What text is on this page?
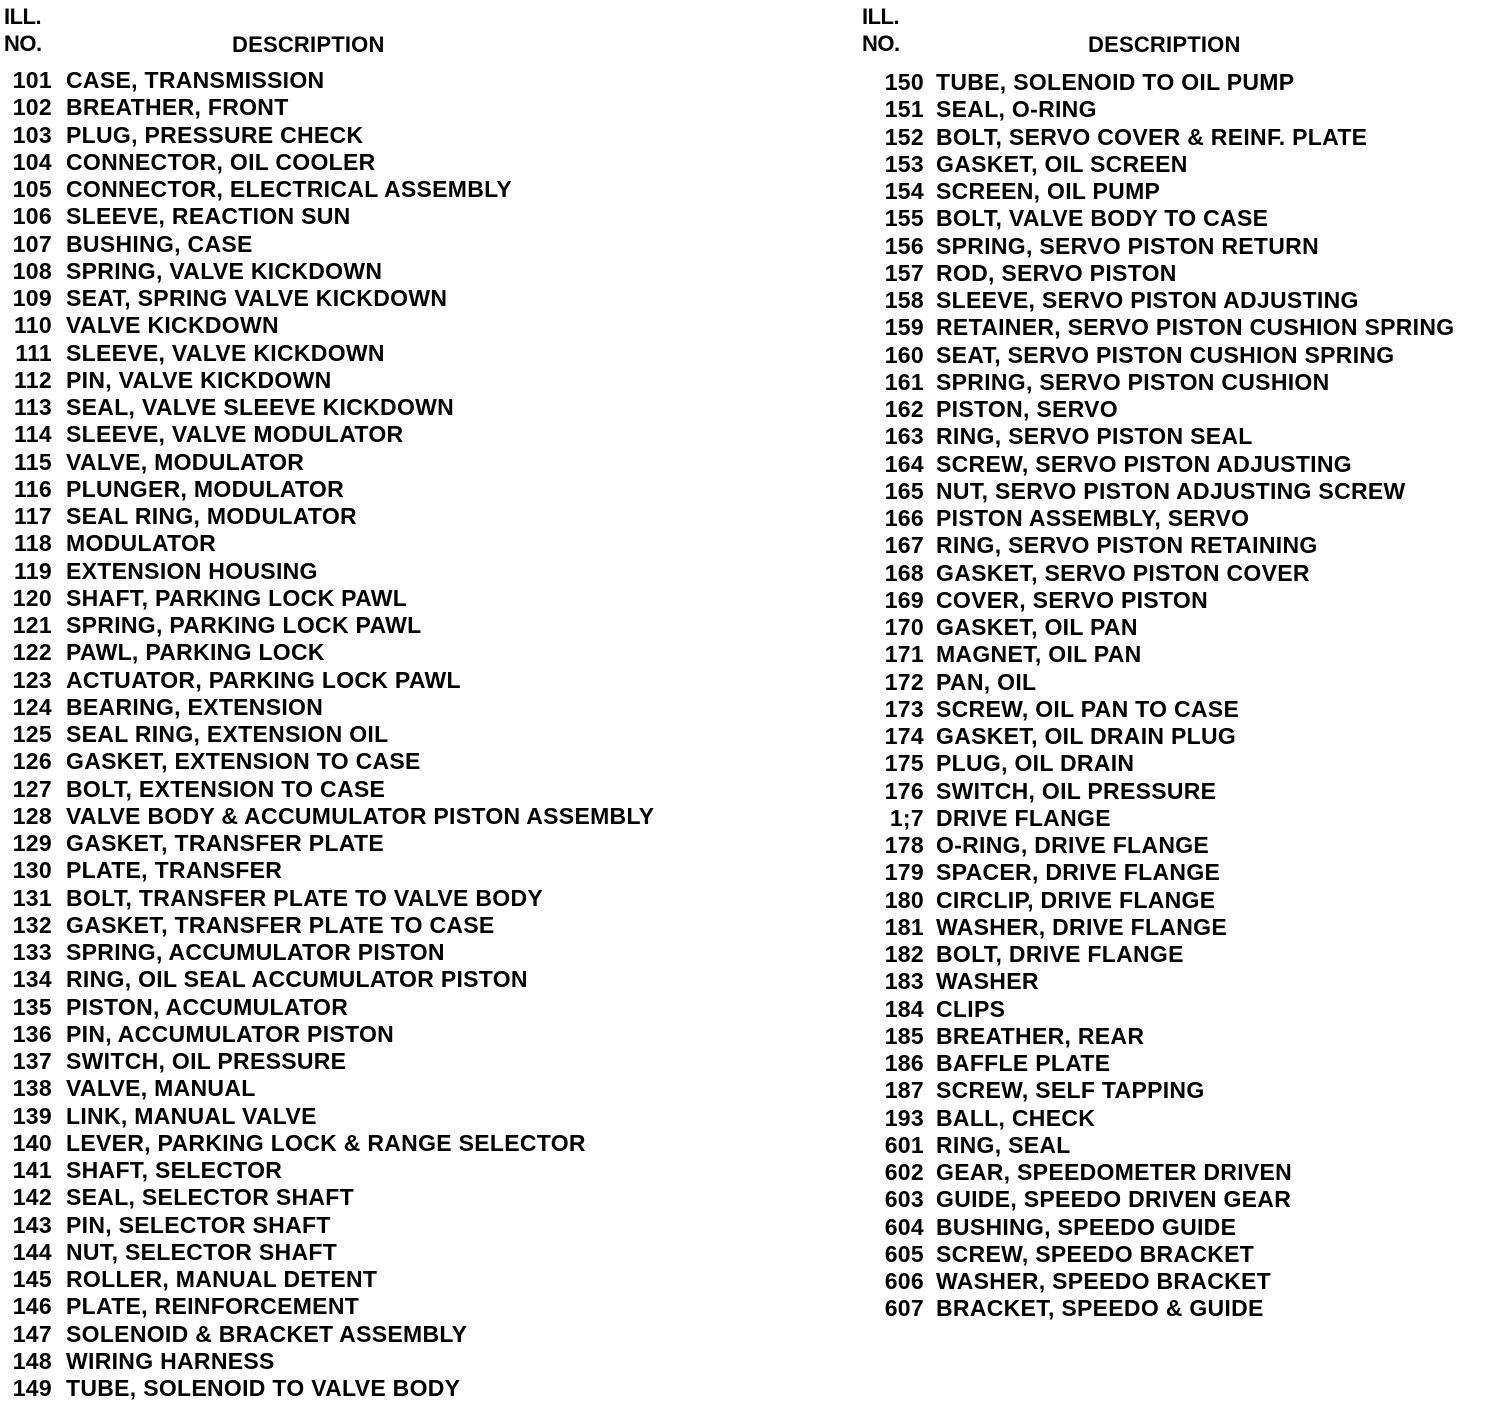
ILL.
NO.	DESCRIPTION
101 CASE, TRANSMISSION
102 BREATHER, FRONT
103 PLUG, PRESSURE CHECK
104 CONNECTOR, OIL COOLER
105 CONNECTOR, ELECTRICAL ASSEMBLY
106 SLEEVE, REACTION SUN
107 BUSHING, CASE
108 SPRING, VALVE KICKDOWN
109 SEAT, SPRING VALVE KICKDOWN
110 VALVE KICKDOWN
111 SLEEVE, VALVE KICKDOWN
112 PIN, VALVE KICKDOWN
113 SEAL, VALVE SLEEVE KICKDOWN
114 SLEEVE, VALVE MODULATOR
115 VALVE, MODULATOR
116 PLUNGER, MODULATOR
117 SEAL RING, MODULATOR
118 MODULATOR
119 EXTENSION HOUSING
120 SHAFT, PARKING LOCK PAWL
121 SPRING, PARKING LOCK PAWL
122 PAWL, PARKING LOCK
123 ACTUATOR, PARKING LOCK PAWL
124 BEARING, EXTENSION
125 SEAL RING, EXTENSION OIL
126 GASKET, EXTENSION TO CASE
127 BOLT, EXTENSION TO CASE
128 VALVE BODY & ACCUMULATOR PISTON ASSEMBLY
129 GASKET, TRANSFER PLATE
130 PLATE, TRANSFER
131 BOLT, TRANSFER PLATE TO VALVE BODY
132 GASKET, TRANSFER PLATE TO CASE
133 SPRING, ACCUMULATOR PISTON
134 RING, OIL SEAL ACCUMULATOR PISTON
135 PISTON, ACCUMULATOR
136 PIN, ACCUMULATOR PISTON
137 SWITCH, OIL PRESSURE
138 VALVE, MANUAL
139 LINK, MANUAL VALVE
140 LEVER, PARKING LOCK & RANGE SELECTOR
141 SHAFT, SELECTOR
142 SEAL, SELECTOR SHAFT
143 PIN, SELECTOR SHAFT
144 NUT, SELECTOR SHAFT
145 ROLLER, MANUAL DETENT
146 PLATE, REINFORCEMENT
147 SOLENOID & BRACKET ASSEMBLY
148 WIRING HARNESS
149 TUBE, SOLENOID TO VALVE BODY
ILL.
NO.	DESCRIPTION
150 TUBE, SOLENOID TO OIL PUMP
151 SEAL, O-RING
152 BOLT, SERVO COVER & REINF. PLATE
153 GASKET, OIL SCREEN
154 SCREEN, OIL PUMP
155 BOLT, VALVE BODY TO CASE
156 SPRING, SERVO PISTON RETURN
157 ROD, SERVO PISTON
158 SLEEVE, SERVO PISTON ADJUSTING
159 RETAINER, SERVO PISTON CUSHION SPRING
160 SEAT, SERVO PISTON CUSHION SPRING
161 SPRING, SERVO PISTON CUSHION
162 PISTON, SERVO
163 RING, SERVO PISTON SEAL
164 SCREW, SERVO PISTON ADJUSTING
165 NUT, SERVO PISTON ADJUSTING SCREW
166 PISTON ASSEMBLY, SERVO
167 RING, SERVO PISTON RETAINING
168 GASKET, SERVO PISTON COVER
169 COVER, SERVO PISTON
170 GASKET, OIL PAN
171 MAGNET, OIL PAN
172 PAN, OIL
173 SCREW, OIL PAN TO CASE
174 GASKET, OIL DRAIN PLUG
175 PLUG, OIL DRAIN
176 SWITCH, OIL PRESSURE
1;7 DRIVE FLANGE
178 O-RING, DRIVE FLANGE
179 SPACER, DRIVE FLANGE
180 CIRCLIP, DRIVE FLANGE
181 WASHER, DRIVE FLANGE
182 BOLT, DRIVE FLANGE
183 WASHER
184 CLIPS
185 BREATHER, REAR
186 BAFFLE PLATE
187 SCREW, SELF TAPPING
193 BALL, CHECK
601 RING, SEAL
602 GEAR, SPEEDOMETER DRIVEN
603 GUIDE, SPEEDO DRIVEN GEAR
604 BUSHING, SPEEDO GUIDE
605 SCREW, SPEEDO BRACKET
606 WASHER, SPEEDO BRACKET
607 BRACKET, SPEEDO & GUIDE
